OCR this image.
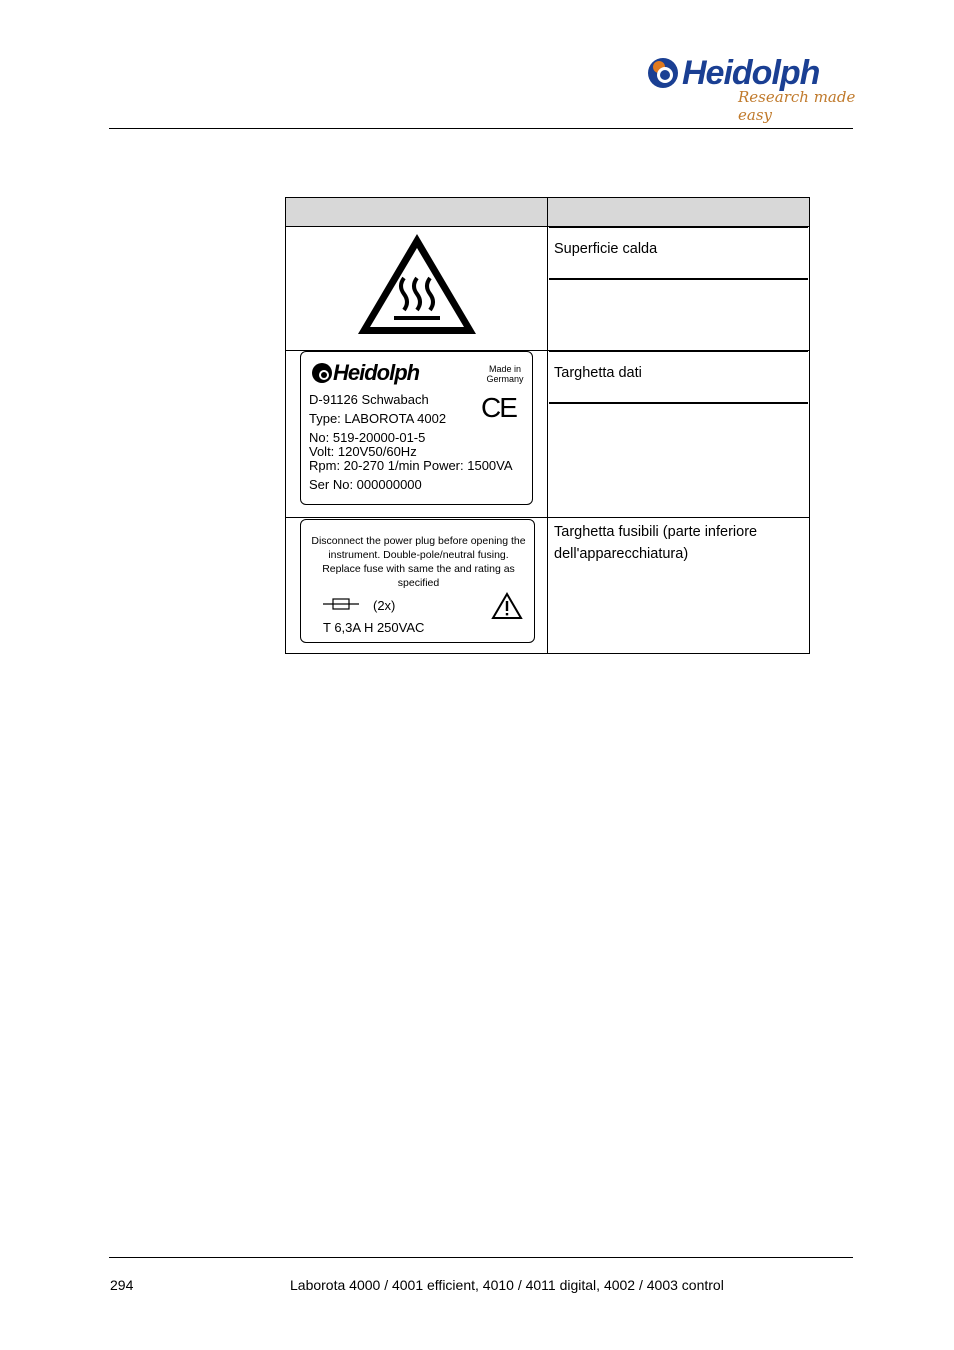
Heidolph
Research made easy
Superficie calda
Heidolph	Made in Germany
CE
D-91126 Schwabach
Type: LABOROTA 4002
No: 519-20000-01-5
Volt: 120V50/60Hz
Rpm: 20-270 1/min Power: 1500VA
Ser No: 000000000
Targhetta dati
Disconnect the power plug before opening the instrument. Double-pole/neutral fusing. Replace fuse with same the and rating as specified
(2x)
T 6,3A H 250VAC
Targhetta fusibili (parte inferiore dell'apparecchiatura)
294	Laborota 4000 / 4001 efficient, 4010 / 4011 digital, 4002 / 4003 control
